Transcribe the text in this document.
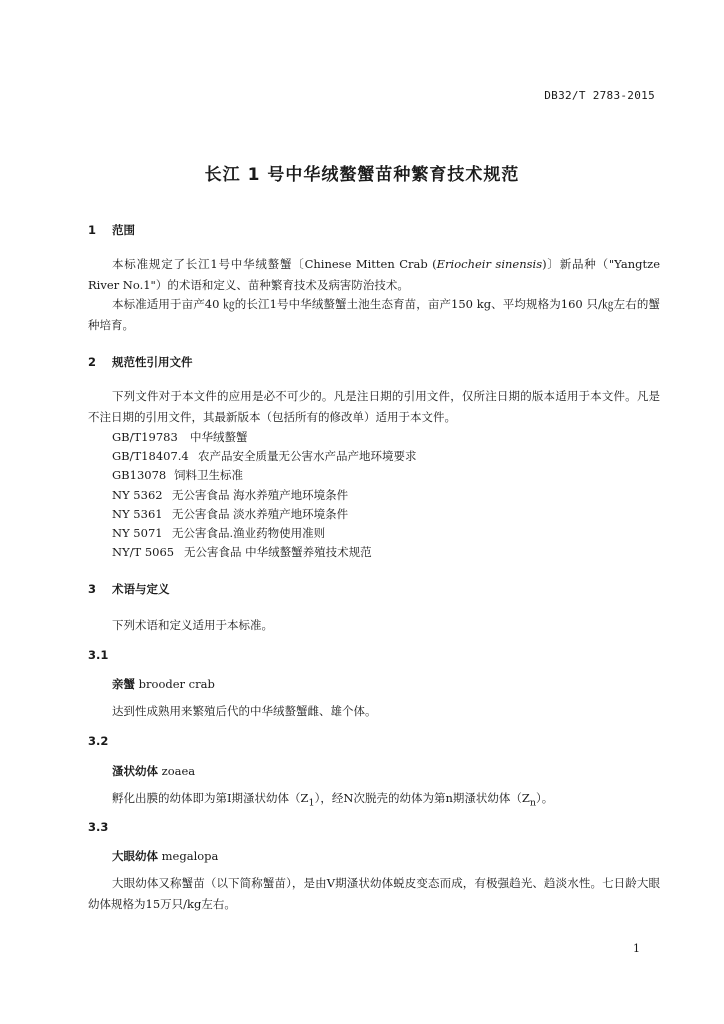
DB32/T 2783-2015
长江 1 号中华绒螯蟹苗种繁育技术规范
1 范围
本标准规定了长江1号中华绒螯蟹〔Chinese Mitten Crab (Eriocheir sinensis)〕新品种（"Yangtze River No.1"）的术语和定义、苗种繁育技术及病害防治技术。
本标准适用于亩产40 ㎏的长江1号中华绒螯蟹土池生态育苗，亩产150 kg、平均规格为160 只/㎏左右的蟹种培育。
2 规范性引用文件
下列文件对于本文件的应用是必不可少的。凡是注日期的引用文件，仅所注日期的版本适用于本文件。凡是不注日期的引用文件，其最新版本（包括所有的修改单）适用于本文件。
GB/T19783 中华绒螯蟹
GB/T18407.4 农产品安全质量无公害水产品产地环境要求
GB13078 饲料卫生标准
NY 5362 无公害食品 海水养殖产地环境条件
NY 5361 无公害食品 淡水养殖产地环境条件
NY 5071 无公害食品.渔业药物使用准则
NY/T 5065 无公害食品 中华绒螯蟹养殖技术规范
3 术语与定义
下列术语和定义适用于本标准。
3.1
亲蟹 brooder crab
达到性成熟用来繁殖后代的中华绒螯蟹雌、雄个体。
3.2
溞状幼体 zoaea
孵化出膜的幼体即为第Ⅰ期溞状幼体$(Z_1)$，经N次脱壳的幼体为第n期溞状幼体$(Z_n)$。
3.3
大眼幼体 megalopa
大眼幼体又称蟹苗（以下简称蟹苗），是由Ⅴ期溞状幼体蜕皮变态而成，有极强趋光、趋淡水性。七日龄大眼幼体规格为15万只/kg左右。
1
